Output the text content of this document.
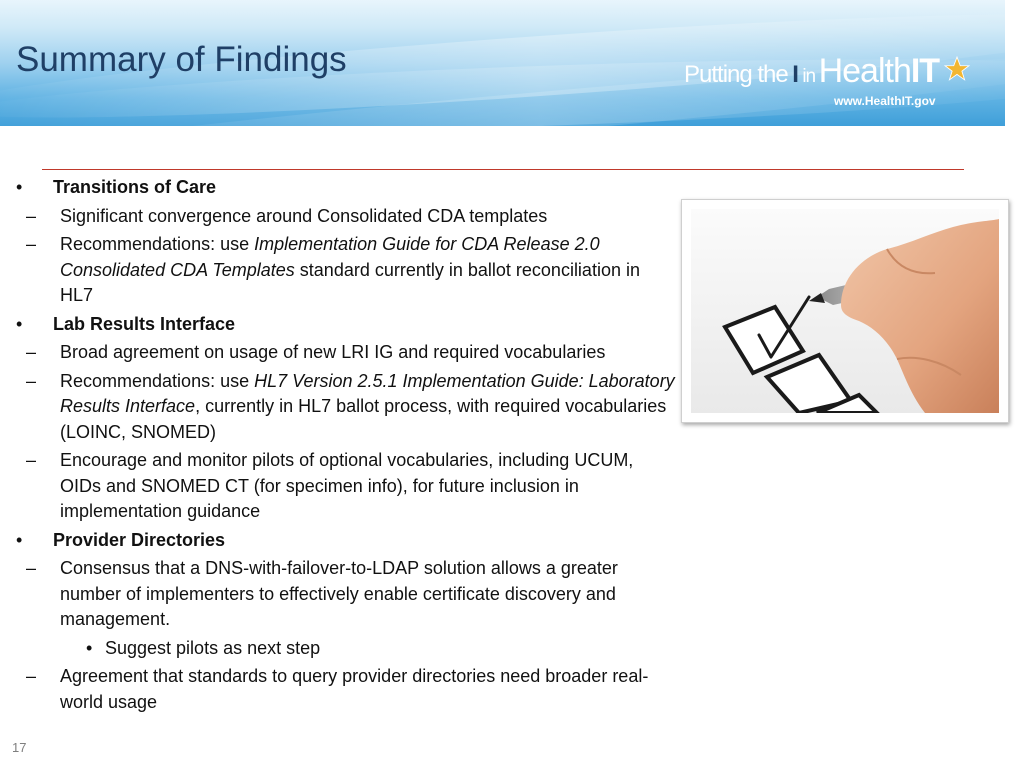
Summary of Findings	Putting the I in HealthIT
www.HealthIT.gov
• Transitions of Care
– Significant convergence around Consolidated CDA templates
– Recommendations: use Implementation Guide for CDA Release 2.0 Consolidated CDA Templates standard currently in ballot reconciliation in HL7
• Lab Results Interface
– Broad agreement on usage of new LRI IG and required vocabularies
– Recommendations: use HL7 Version 2.5.1 Implementation Guide: Laboratory Results Interface, currently in HL7 ballot process, with required vocabularies (LOINC, SNOMED)
– Encourage and monitor pilots of optional vocabularies, including UCUM, OIDs and SNOMED CT (for specimen info), for future inclusion in implementation guidance
• Provider Directories
– Consensus that a DNS-with-failover-to-LDAP solution allows a greater number of implementers to effectively enable certificate discovery and management.
• Suggest pilots as next step
– Agreement that standards to query provider directories need broader real-world usage
17
